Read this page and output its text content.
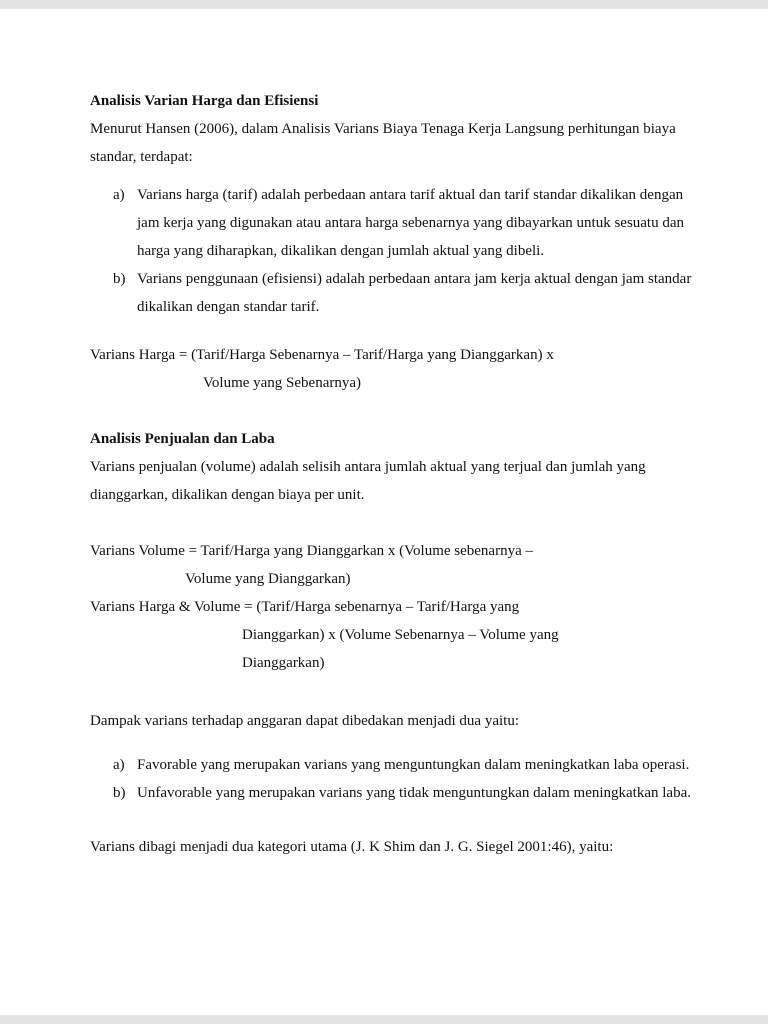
Analisis Varian Harga dan Efisiensi

Menurut Hansen (2006), dalam Analisis Varians Biaya Tenaga Kerja Langsung perhitungan biaya standar, terdapat:

a) Varians harga (tarif) adalah perbedaan antara tarif aktual dan tarif standar dikalikan dengan jam kerja yang digunakan atau antara harga sebenarnya yang dibayarkan untuk sesuatu dan harga yang diharapkan, dikalikan dengan jumlah aktual yang dibeli.
b) Varians penggunaan (efisiensi) adalah perbedaan antara jam kerja aktual dengan jam standar dikalikan dengan standar tarif.
Varians Harga = (Tarif/Harga Sebenarnya – Tarif/Harga yang Dianggarkan) x
Volume yang Sebenarnya)
Analisis Penjualan dan Laba

Varians penjualan (volume) adalah selisih antara jumlah aktual yang terjual dan jumlah yang dianggarkan, dikalikan dengan biaya per unit.

Varians Volume = Tarif/Harga yang Dianggarkan x (Volume sebenarnya –
Volume yang Dianggarkan)
Varians Harga & Volume = (Tarif/Harga sebenarnya – Tarif/Harga yang
Dianggarkan) x (Volume Sebenarnya – Volume yang
Dianggarkan)

Dampak varians terhadap anggaran dapat dibedakan menjadi dua yaitu:

a) Favorable yang merupakan varians yang menguntungkan dalam meningkatkan laba operasi.
b) Unfavorable yang merupakan varians yang tidak menguntungkan dalam meningkatkan laba.

Varians dibagi menjadi dua kategori utama (J. K Shim dan J. G. Siegel 2001:46), yaitu:
